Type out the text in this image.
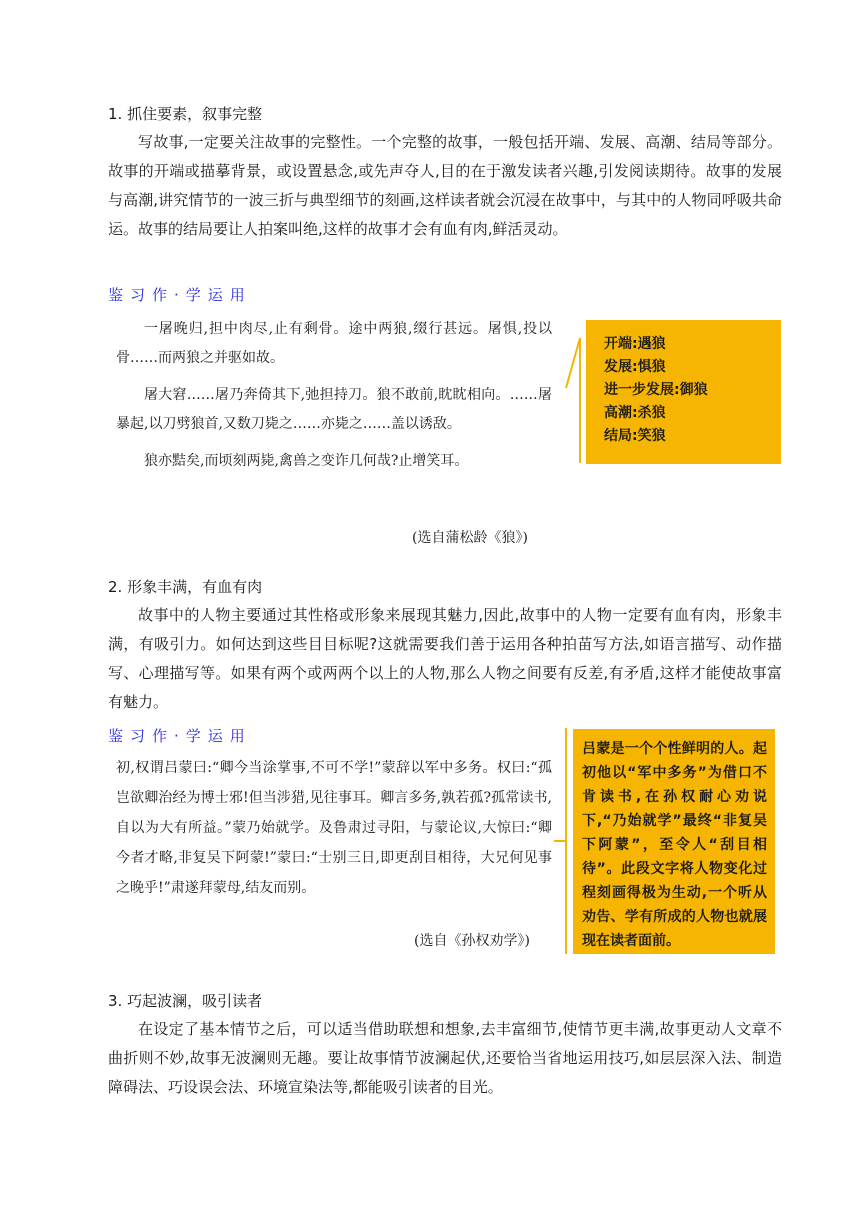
1. 抓住要素，叙事完整
写故事,一定要关注故事的完整性。一个完整的故事，一般包括开端、发展、高潮、结局等部分。故事的开端或描摹背景，或设置悬念,或先声夺人,目的在于激发读者兴趣,引发阅读期待。故事的发展与高潮,讲究情节的一波三折与典型细节的刻画,这样读者就会沉浸在故事中，与其中的人物同呼吸共命运。故事的结局要让人拍案叫绝,这样的故事才会有血有肉,鲜活灵动。
鉴习作·学运用

一屠晚归,担中肉尽,止有剩骨。途中两狼,缀行甚远。屠惧,投以骨……而两狼之并驱如故。

屠大窘……屠乃奔倚其下,弛担持刀。狼不敢前,眈眈相向。……屠暴起,以刀劈狼首,又数刀毙之……亦毙之……盖以诱敌。

狼亦黠矣,而顷刻两毙,禽兽之变诈几何哉?止增笑耳。

(选自蒲松龄《狼》)
开端:遇狼
发展:惧狼
进一步发展:御狼
高潮:杀狼
结局:笑狼
2. 形象丰满，有血有肉
故事中的人物主要通过其性格或形象来展现其魅力,因此,故事中的人物一定要有血有肉，形象丰满，有吸引力。如何达到这些目目标呢?这就需要我们善于运用各种拍苗写方法,如语言描写、动作描写、心理描写等。如果有两个或两两个以上的人物,那么人物之间要有反差,有矛盾,这样才能使故事富有魅力。
鉴习作·学运用

初,权谓吕蒙曰:“卿今当涂掌事,不可不学!”蒙辞以军中多务。权曰:“孤岂欲卿治经为博士邪!但当涉猎,见往事耳。卿言多务,孰若孤?孤常读书,自以为大有所益。”蒙乃始就学。及鲁肃过寻阳，与蒙论议,大惊曰:“卿今者才略,非复吴下阿蒙!”蒙曰:“士别三日,即更刮目相待，大兄何见事之晚乎!”肃遂拜蒙母,结友而别。

(选自《孙权劝学》)
吕蒙是一个个性鲜明的人。起初他以“军中多务”为借口不肯读书,在孙权耐心劝说下,“乃始就学”最终“非复吴下阿蒙”，至令人“刮目相待”。此段文字将人物变化过程刻画得极为生动,一个听从劝告、学有所成的人物也就展现在读者面前。
3. 巧起波澜，吸引读者
在设定了基本情节之后，可以适当借助联想和想象,去丰富细节,使情节更丰满,故事更动人文章不曲折则不妙,故事无波澜则无趣。要让故事情节波澜起伏,还要恰当省地运用技巧,如层层深入法、制造障碍法、巧设误会法、环境宣染法等,都能吸引读者的目光。
